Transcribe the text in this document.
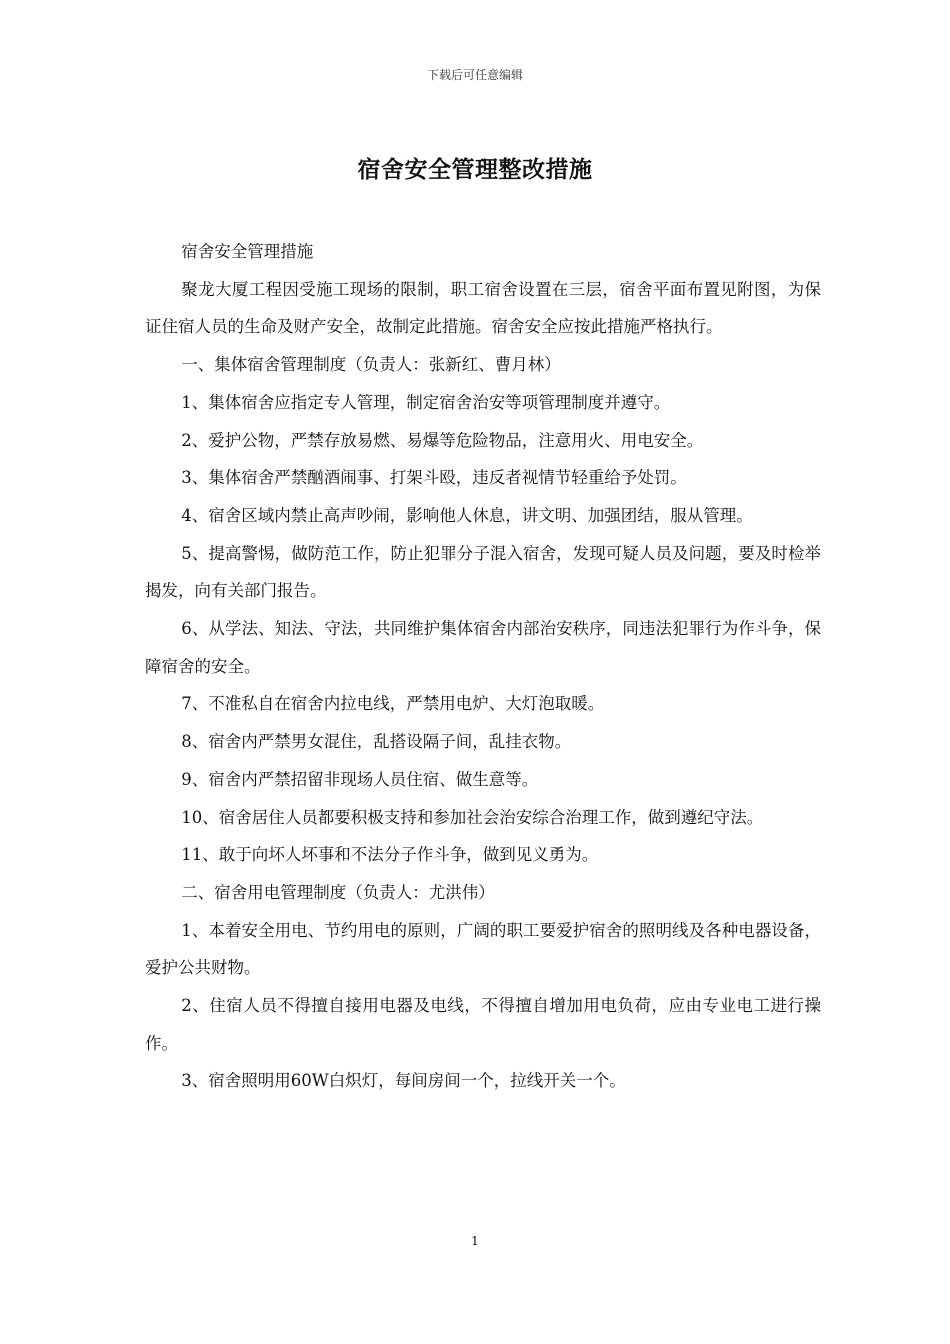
下载后可任意编辑
宿舍安全管理整改措施

宿舍安全管理措施

聚龙大厦工程因受施工现场的限制，职工宿舍设置在三层，宿舍平面布置见附图，为保证住宿人员的生命及财产安全，故制定此措施。宿舍安全应按此措施严格执行。

一、集体宿舍管理制度（负责人：张新红、曹月林）

1、集体宿舍应指定专人管理，制定宿舍治安等项管理制度并遵守。

2、爱护公物，严禁存放易燃、易爆等危险物品，注意用火、用电安全。

3、集体宿舍严禁酗酒闹事、打架斗殴，违反者视情节轻重给予处罚。

4、宿舍区域内禁止高声吵闹，影响他人休息，讲文明、加强团结，服从管理。

5、提高警惕，做防范工作，防止犯罪分子混入宿舍，发现可疑人员及问题，要及时检举揭发，向有关部门报告。

6、从学法、知法、守法，共同维护集体宿舍内部治安秩序，同违法犯罪行为作斗争，保障宿舍的安全。

7、不准私自在宿舍内拉电线，严禁用电炉、大灯泡取暖。

8、宿舍内严禁男女混住，乱搭设隔子间，乱挂衣物。

9、宿舍内严禁招留非现场人员住宿、做生意等。

10、宿舍居住人员都要积极支持和参加社会治安综合治理工作，做到遵纪守法。

11、敢于向坏人坏事和不法分子作斗争，做到见义勇为。

二、宿舍用电管理制度（负责人：尤洪伟）

1、本着安全用电、节约用电的原则，广阔的职工要爱护宿舍的照明线及各种电器设备，爱护公共财物。

2、住宿人员不得擅自接用电器及电线，不得擅自增加用电负荷，应由专业电工进行操作。

3、宿舍照明用60W白炽灯，每间房间一个，拉线开关一个。

1
